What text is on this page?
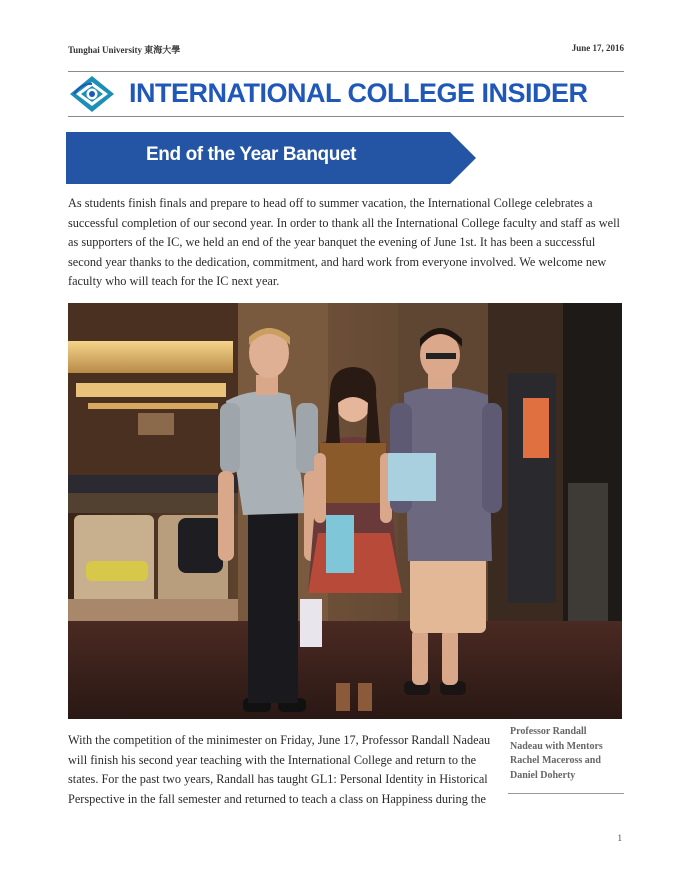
Tunghai University 東海大學	June 17, 2016
INTERNATIONAL COLLEGE INSIDER
End of the Year Banquet
As students finish finals and prepare to head off to summer vacation, the International College celebrates a successful completion of our second year. In order to thank all the International College faculty and staff as well as supporters of the IC, we held an end of the year banquet the evening of June 1st. It has been a successful second year thanks to the dedication, commitment, and hard work from everyone involved. We welcome new faculty who will teach for the IC next year.
With the competition of the minimester on Friday, June 17, Professor Randall Nadeau will finish his second year teaching with the International College and return to the states. For the past two years, Randall has taught GL1: Personal Identity in Historical Perspective in the fall semester and returned to teach a class on Happiness during the
Professor Randall Nadeau with Mentors Rachel Maceross and Daniel Doherty
1
